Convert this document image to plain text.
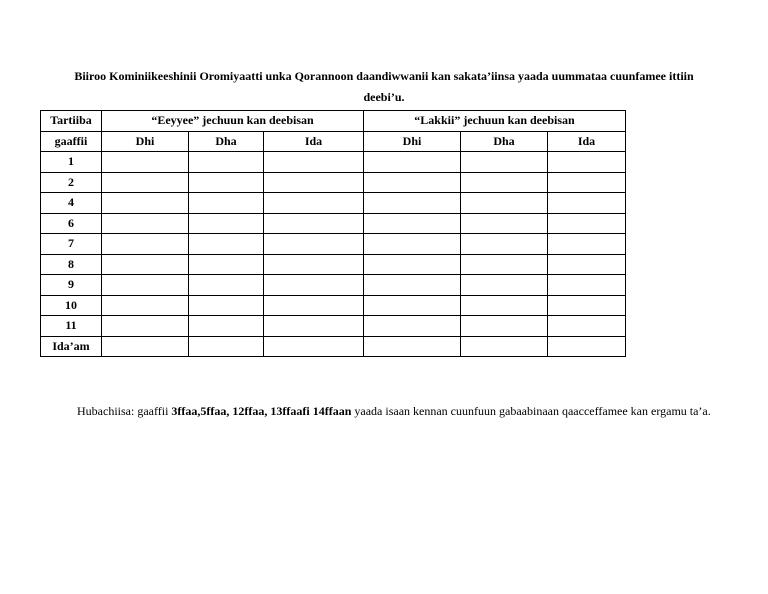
Biiroo Kominiikeeshinii Oromiyaatti unka Qorannoon daandiwwanii kan sakata’iinsa yaada uummataa cuunfamee ittiin
deebi’u.
Tartiiba	“Eeyyee” jechuun kan deebisan			“Lakkii” jechuun kan deebisan		
gaaffii	Dhi	Dha	Ida	Dhi	Dha	Ida
1						
2						
4						
6						
7						
8						
9						
10						
11						
Ida’am						
Hubachiisa: gaaffii 3ffaa,5ffaa, 12ffaa, 13ffaafi 14ffaan yaada isaan kennan cuunfuun gabaabinaan qaacceffamee kan ergamu ta’a.
